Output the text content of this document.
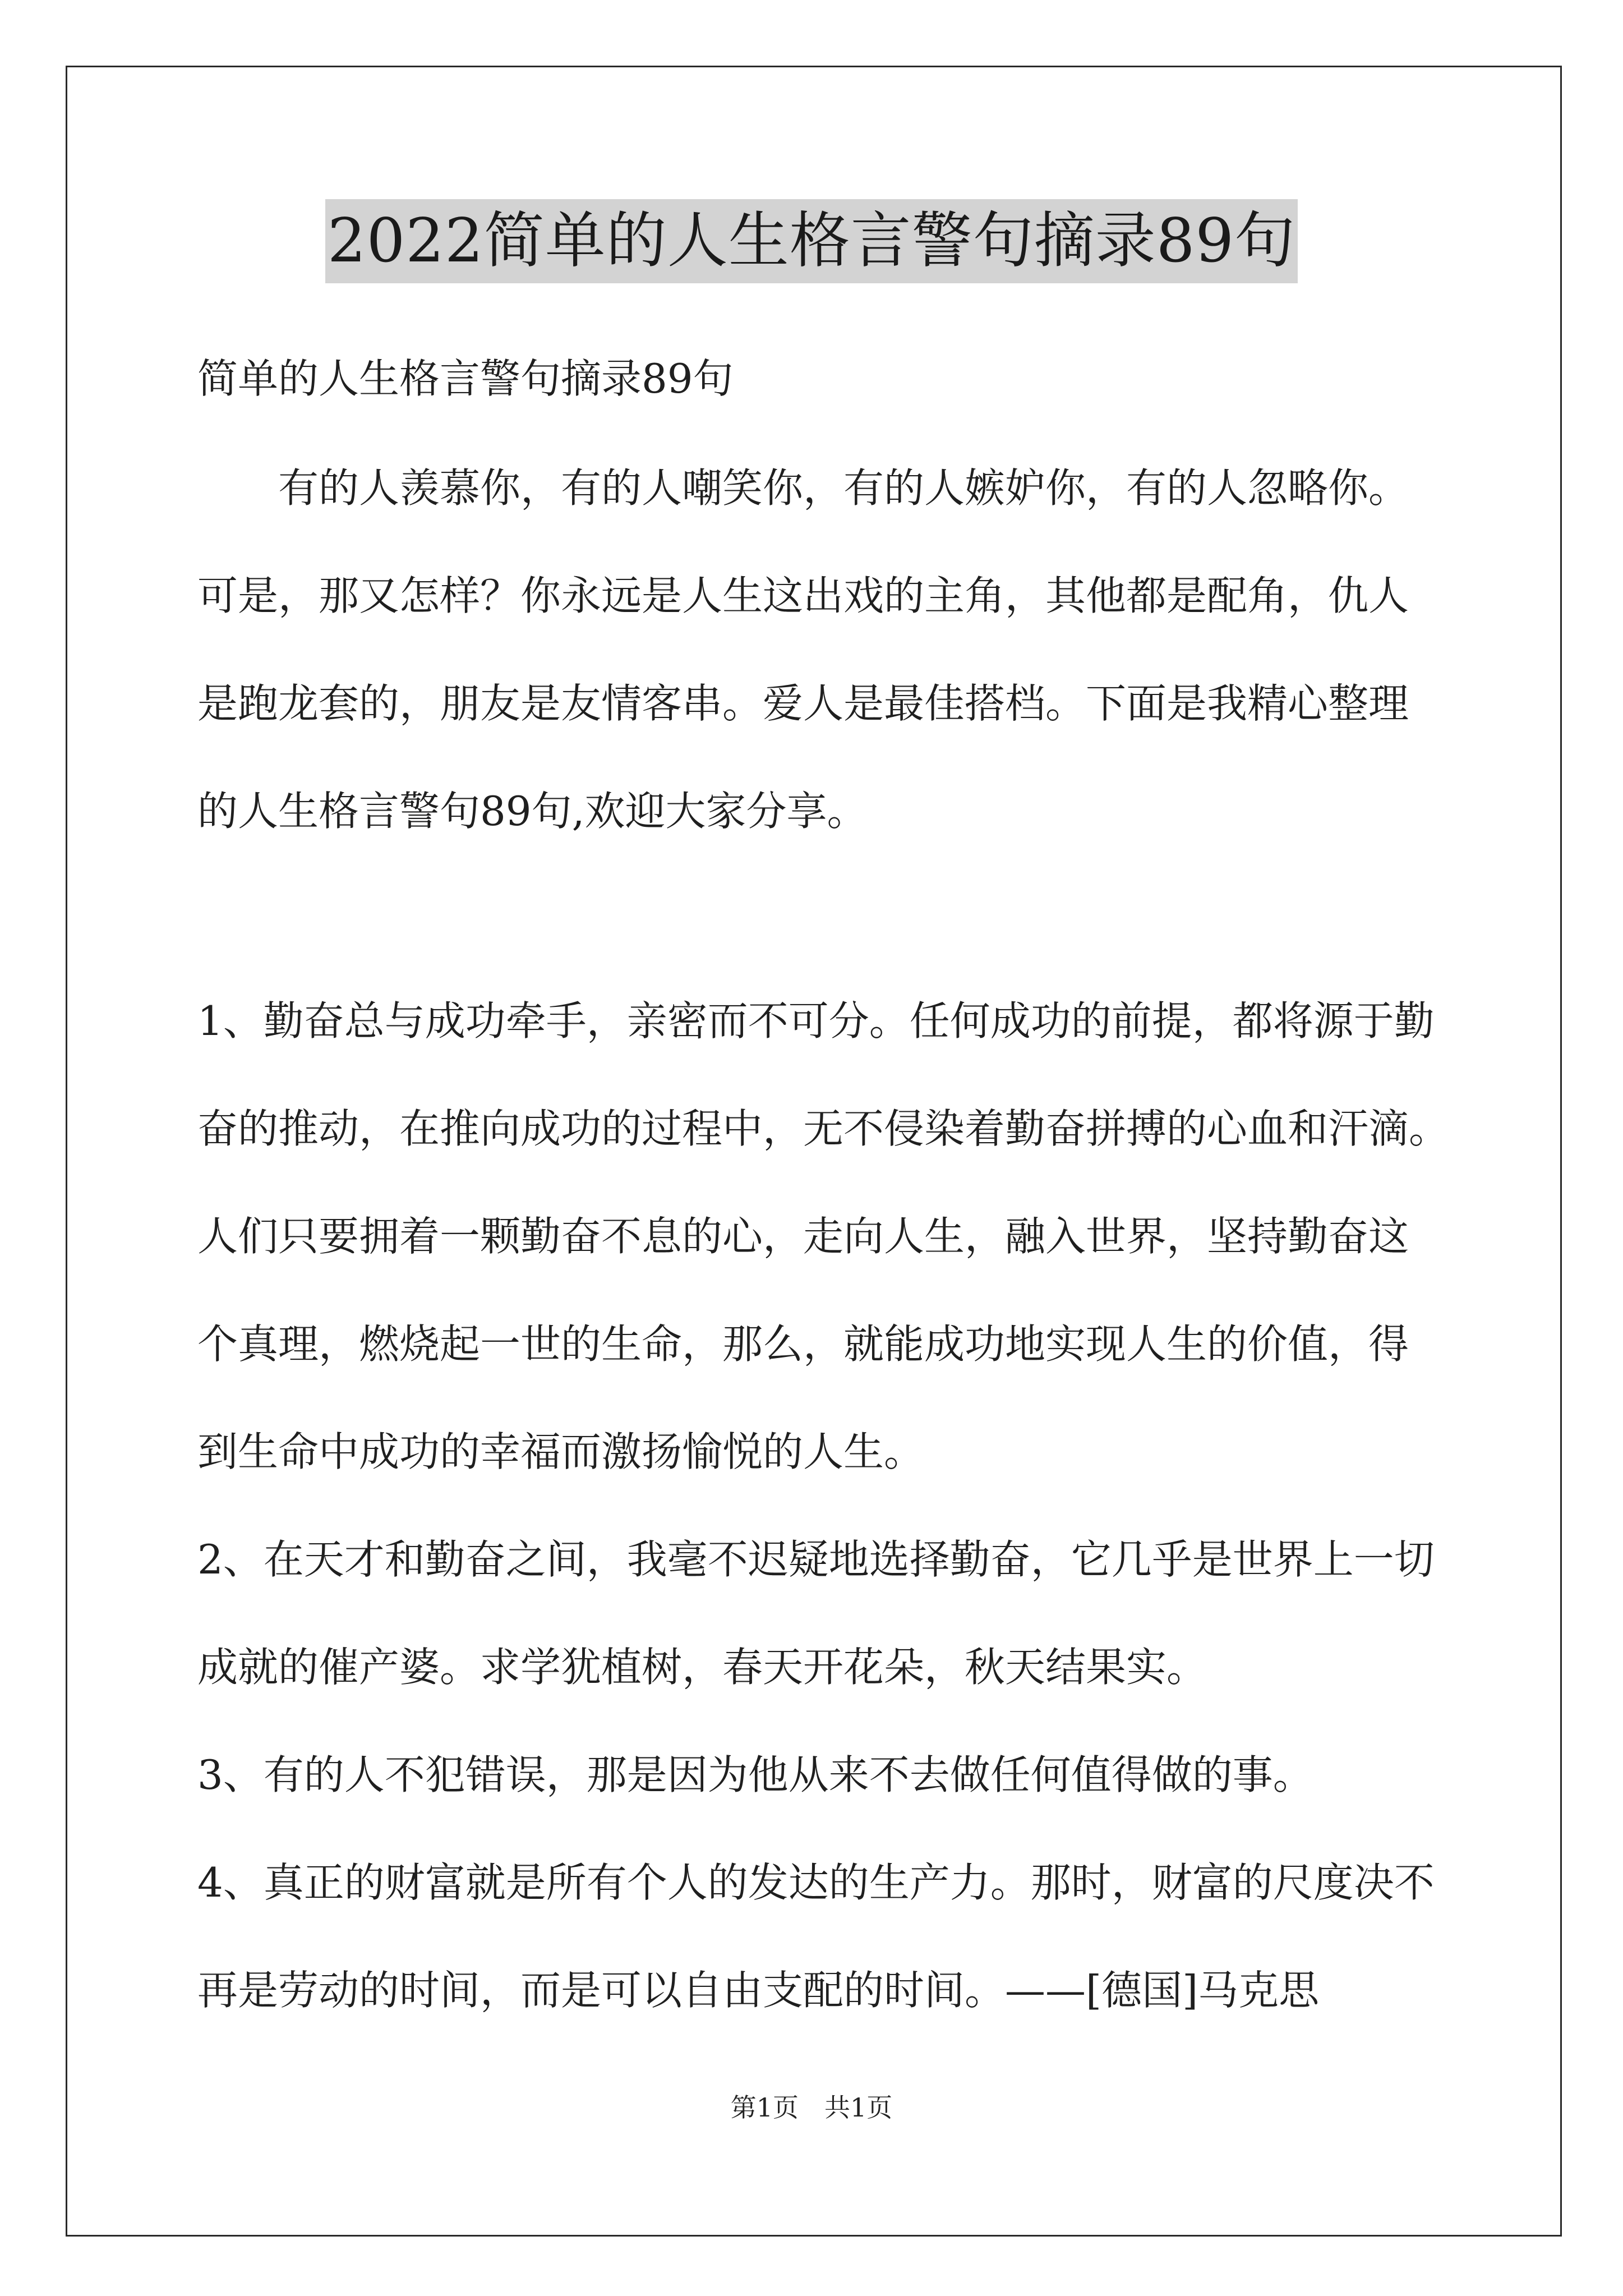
2022简单的人生格言警句摘录89句
简单的人生格言警句摘录89句
　　有的人羡慕你，有的人嘲笑你，有的人嫉妒你，有的人忽略你。
可是，那又怎样？你永远是人生这出戏的主角，其他都是配角，仇人
是跑龙套的，朋友是友情客串。爱人是最佳搭档。下面是我精心整理
的人生格言警句89句,欢迎大家分享。
1、勤奋总与成功牵手，亲密而不可分。任何成功的前提，都将源于勤
奋的推动，在推向成功的过程中，无不侵染着勤奋拼搏的心血和汗滴。
人们只要拥着一颗勤奋不息的心，走向人生，融入世界，坚持勤奋这
个真理，燃烧起一世的生命，那么，就能成功地实现人生的价值，得
到生命中成功的幸福而激扬愉悦的人生。
2、在天才和勤奋之间，我毫不迟疑地选择勤奋，它几乎是世界上一切
成就的催产婆。求学犹植树，春天开花朵，秋天结果实。
3、有的人不犯错误，那是因为他从来不去做任何值得做的事。
4、真正的财富就是所有个人的发达的生产力。那时，财富的尺度决不
再是劳动的时间，而是可以自由支配的时间。——[德国]马克思
第1页　共1页
